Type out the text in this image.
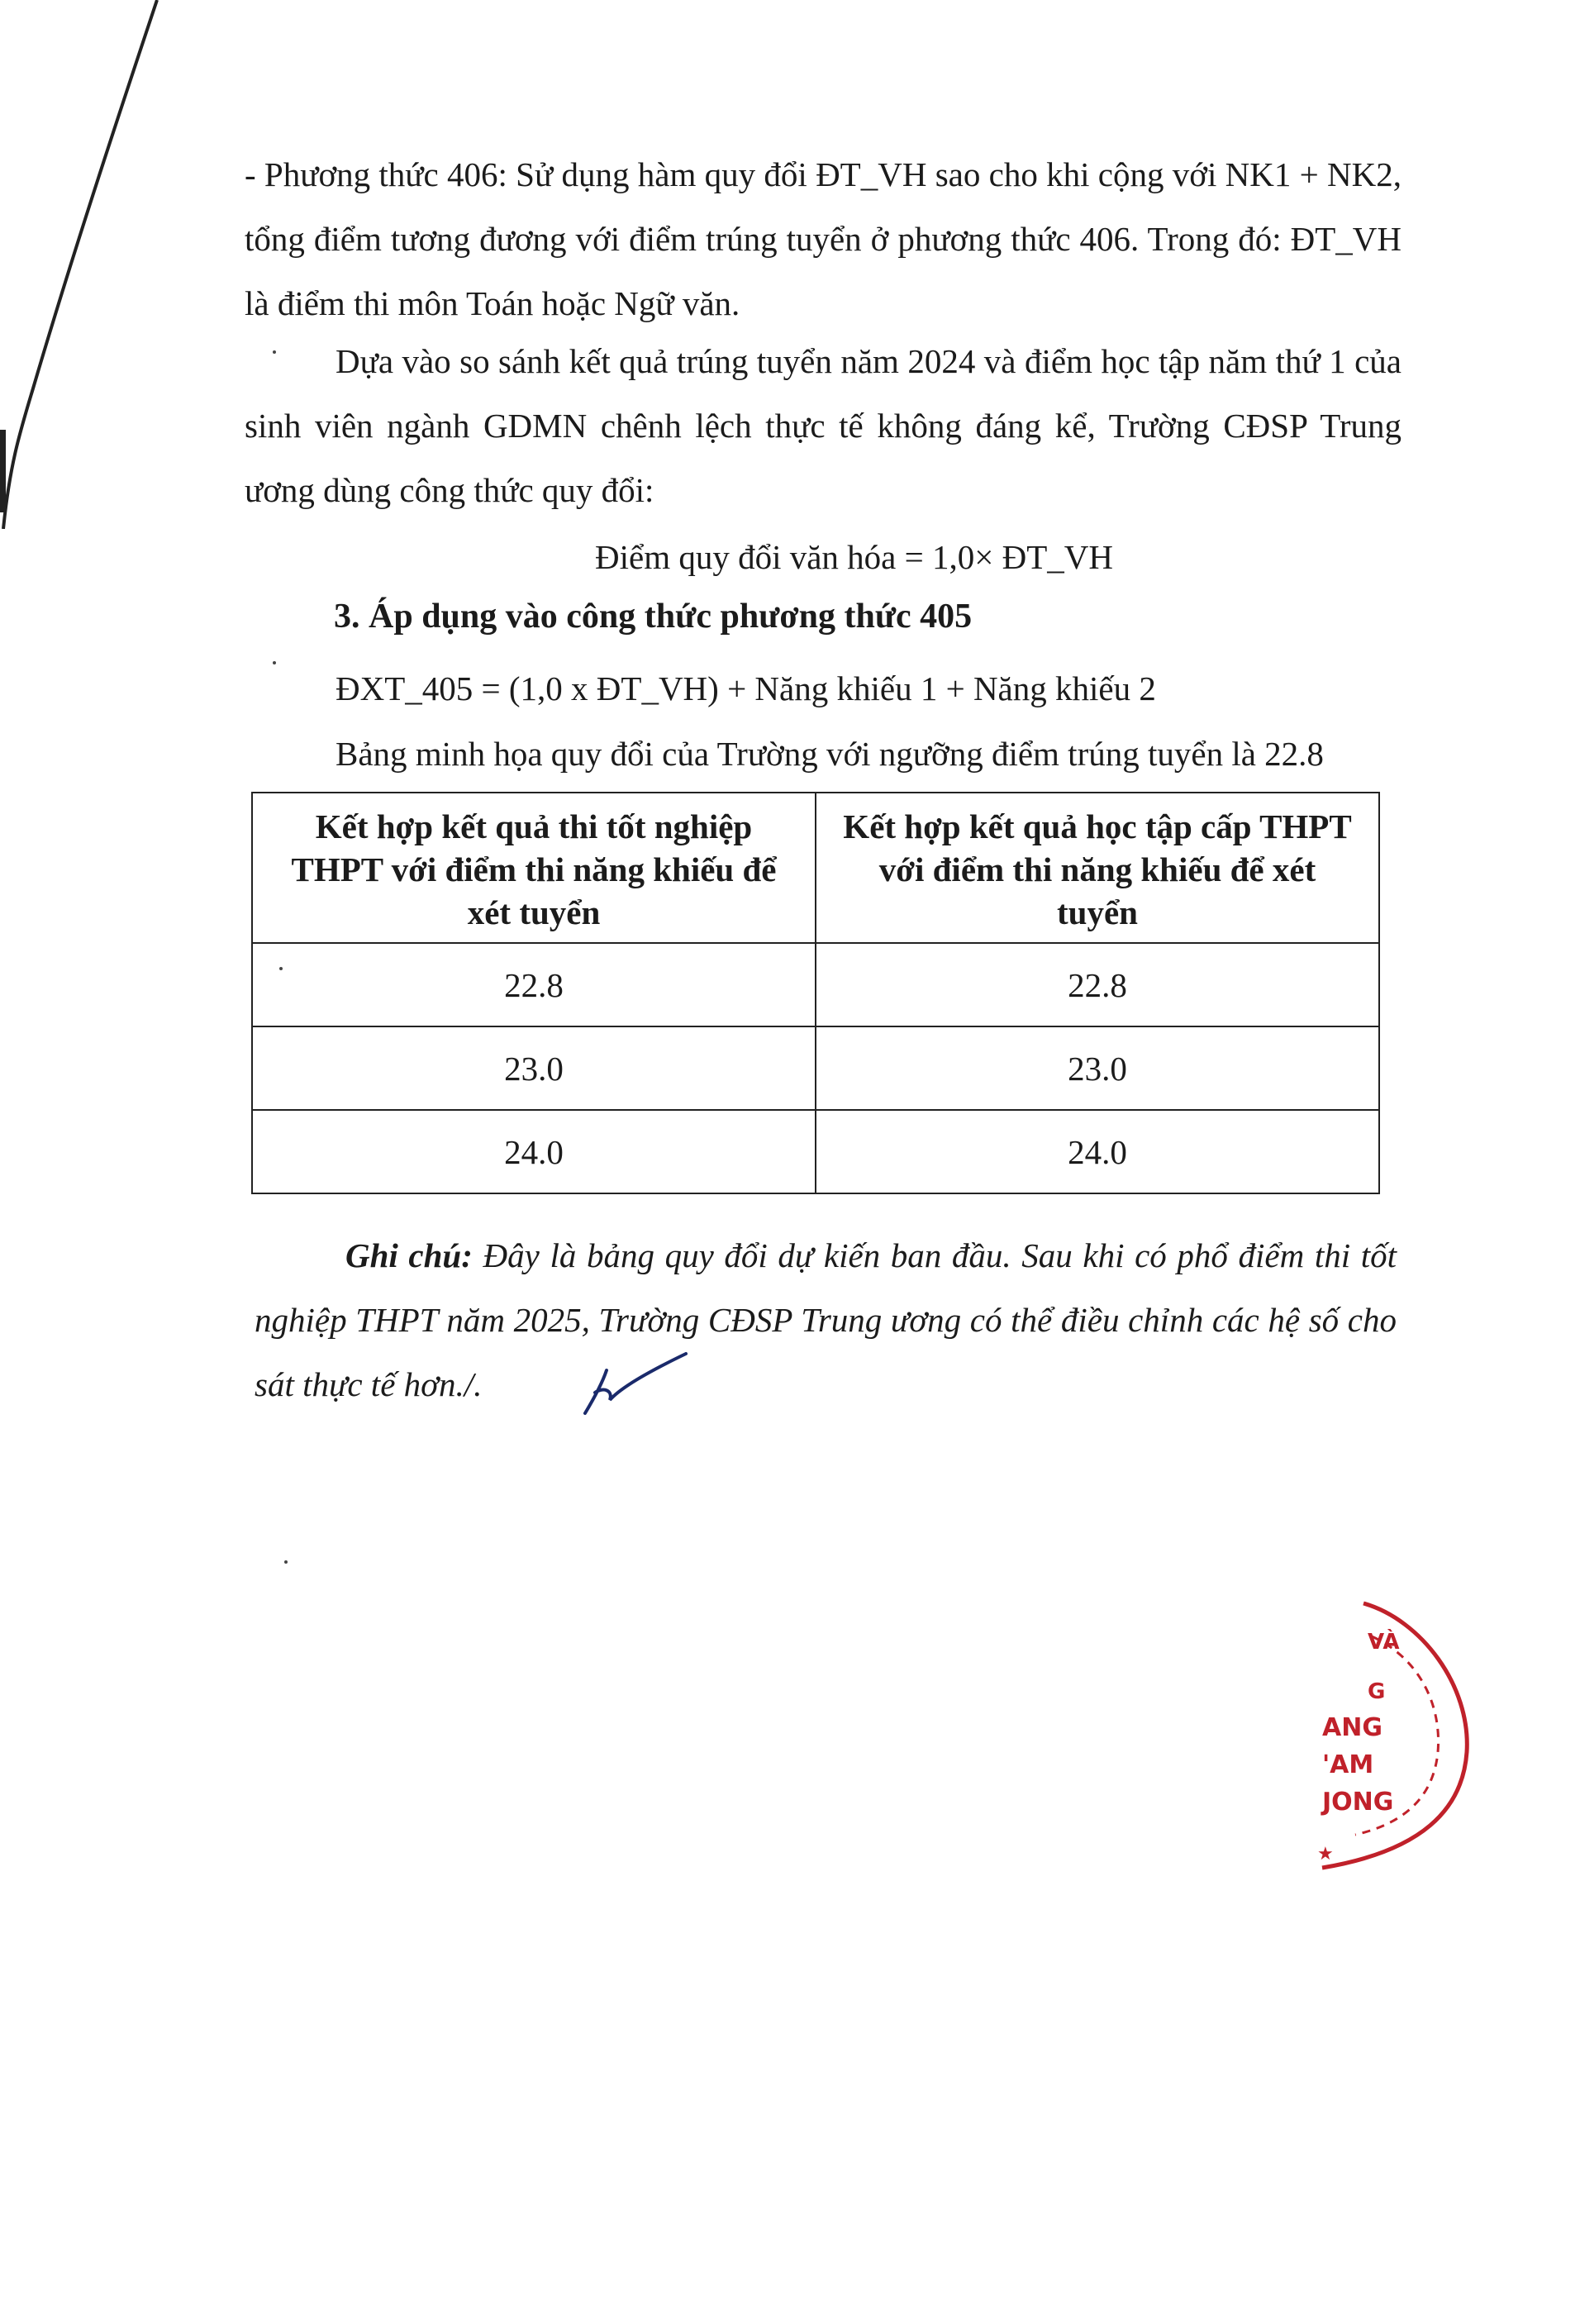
- Phương thức 406: Sử dụng hàm quy đổi ĐT_VH sao cho khi cộng với NK1 + NK2, tổng điểm tương đương với điểm trúng tuyển ở phương thức 406. Trong đó: ĐT_VH là điểm thi môn Toán hoặc Ngữ văn.

Dựa vào so sánh kết quả trúng tuyển năm 2024 và điểm học tập năm thứ 1 của sinh viên ngành GDMN chênh lệch thực tế không đáng kể, Trường CĐSP Trung ương dùng công thức quy đổi:

Điểm quy đổi văn hóa = 1,0× ĐT_VH

3. Áp dụng vào công thức phương thức 405

ĐXT_405 = (1,0 x ĐT_VH) + Năng khiếu 1 + Năng khiếu 2

Bảng minh họa quy đổi của Trường với ngưỡng điểm trúng tuyển là 22.8

Kết hợp kết quả thi tốt nghiệp THPT với điểm thi năng khiếu để xét tuyển	Kết hợp kết quả học tập cấp THPT với điểm thi năng khiếu để xét tuyển
22.8	22.8
23.0	23.0
24.0	24.0

Ghi chú: Đây là bảng quy đổi dự kiến ban đầu. Sau khi có phổ điểm thi tốt nghiệp THPT năm 2025, Trường CĐSP Trung ương có thể điều chỉnh các hệ số cho sát thực tế hơn./.

VÀ
G
ANG
'AM
JONG
★
